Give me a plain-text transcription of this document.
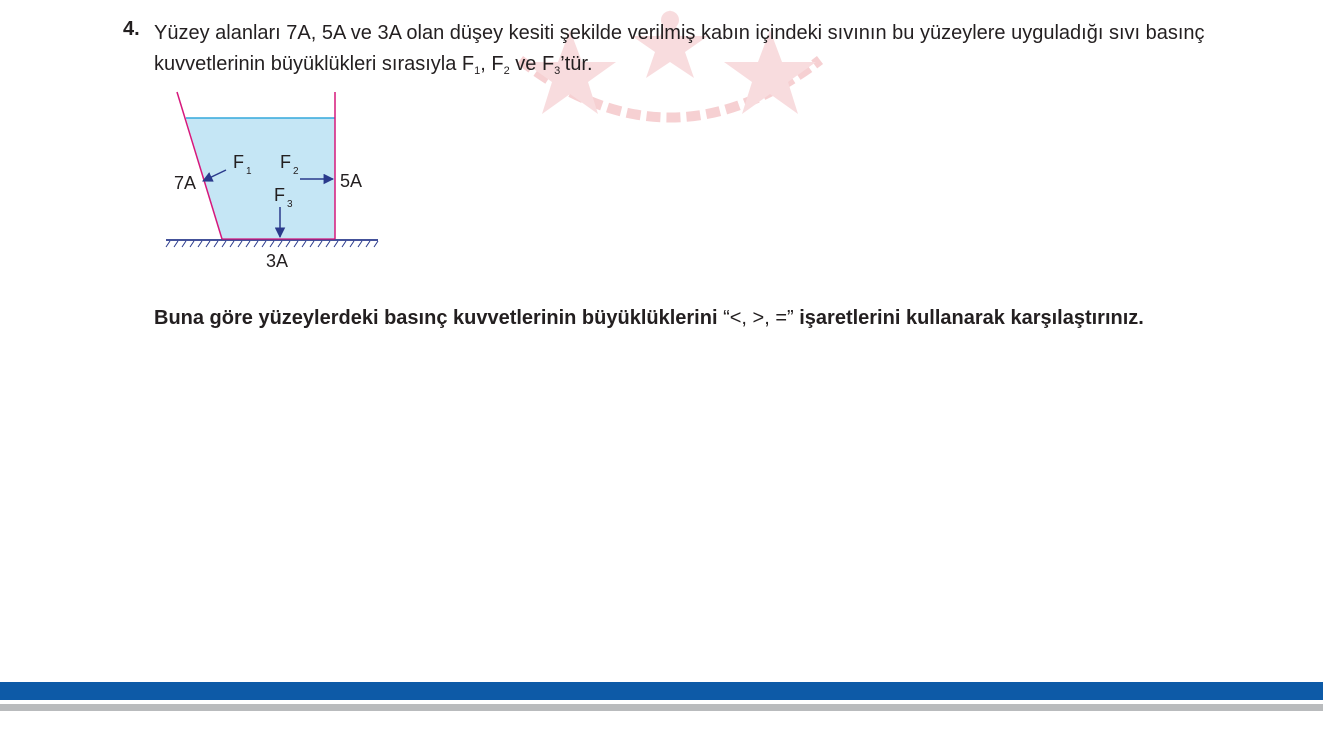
4. Yüzey alanları 7A, 5A ve 3A olan düşey kesiti şekilde verilmiş kabın içindeki sıvının bu yüzeylere uyguladığı sıvı basınç kuvvetlerinin büyüklükleri sırasıyla $F_1$, $F_2$ ve $F_3’tür$.
7A	5A
3A
F 1 F 2
F 3
Buna göre yüzeylerdeki basınç kuvvetlerinin büyüklüklerini “<, >, =” işaretlerini kullanarak karşılaştırınız.
